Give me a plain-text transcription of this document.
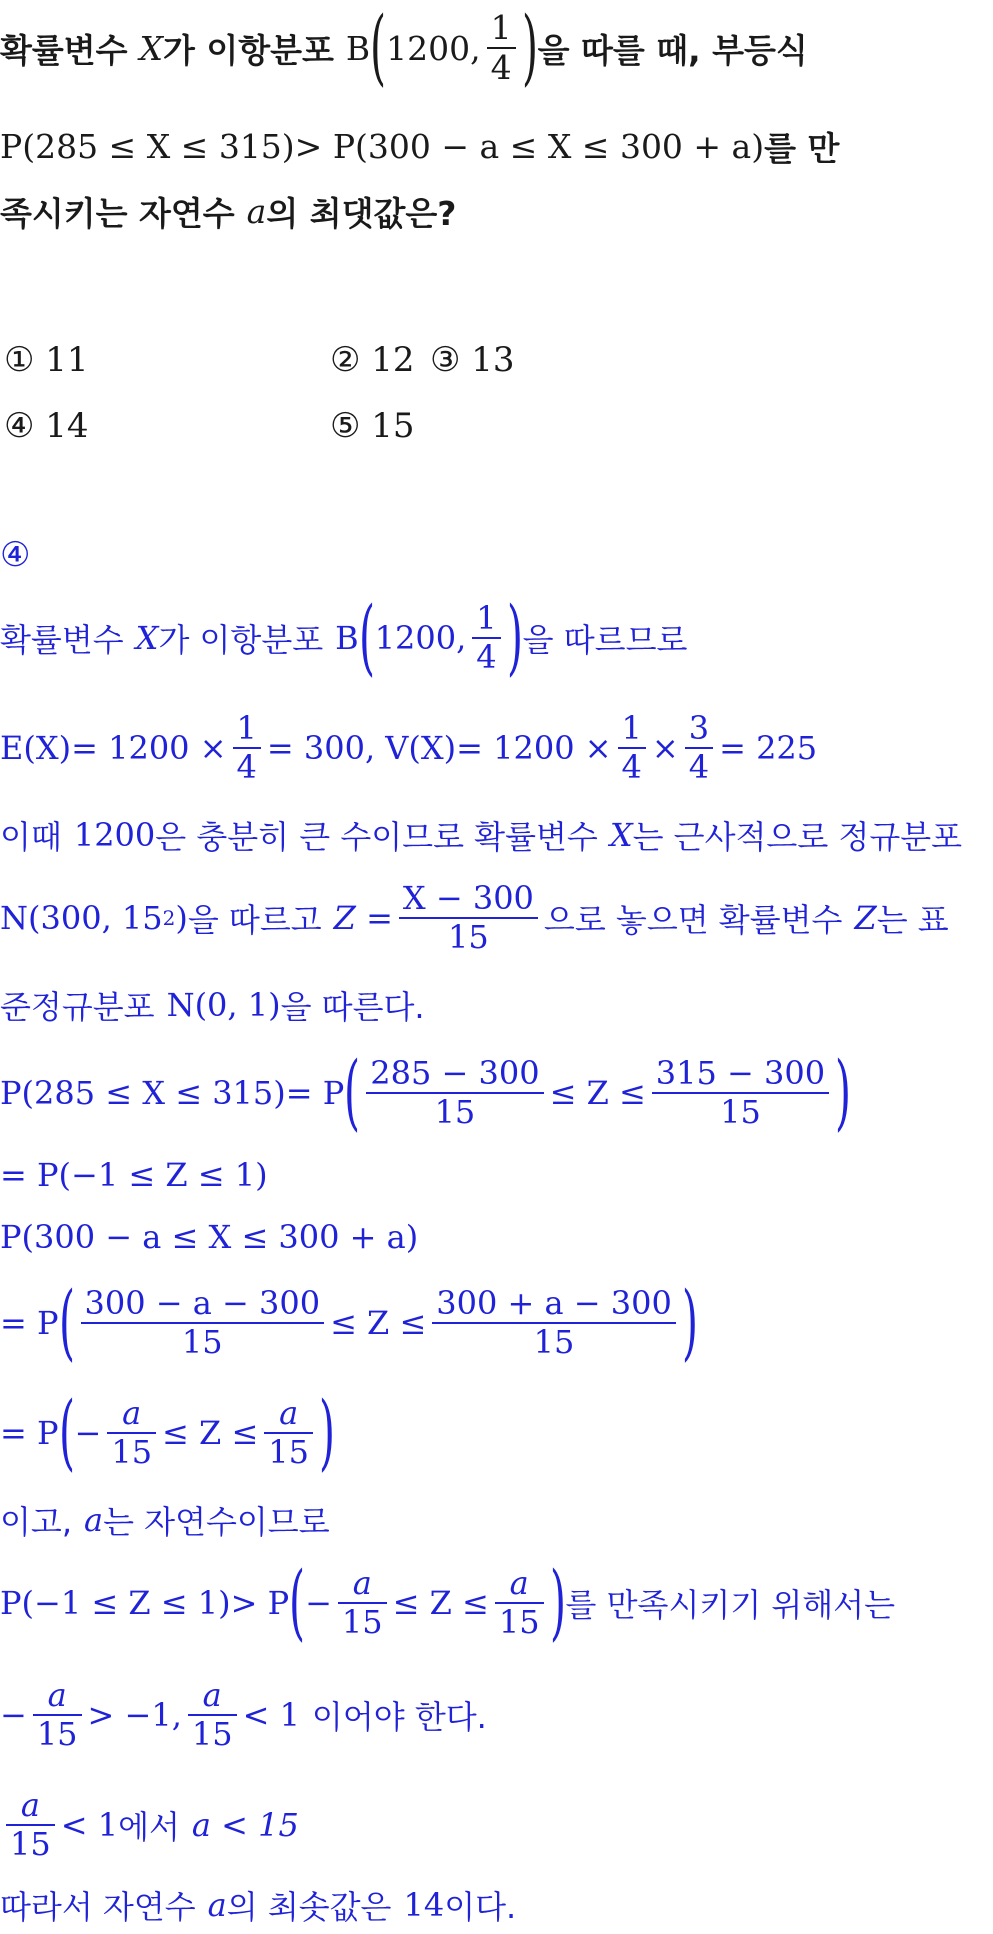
확률변수 X 가 이항분포 B ( 1200, $\frac{1}{4}$ ) 을 따를 때, 부등식
P(285 ≤ X ≤ 315)> P(300 − a ≤ X ≤ 300 + a) 를 만
족시키는 자연수 a 의 최댓값은?
① 11	② 12 ③ 13
④ 14	⑤ 15
④
확률변수 X 가 이항분포 B ( 1200, $\frac{1}{4}$ ) 을 따르므로
$E(X)= 1200 \times \frac{1}{4} = 300$, $V(X)= 1200 \times \frac{1}{4} \times \frac{3}{4} = 225$
이때 1200 은 충분히 큰 수이므로 확률변수 X 는 근사적으로 정규분포
N(300, 15 2 ) 을 따르고 $Z = \frac{X - 300}{15}$ 으로 놓으면 확률변수 Z 는 표
준정규분포 N(0, 1) 을 따른다.
P(285 ≤ X ≤ 315)= P ( $\frac{285 - 300}{15} \le Z \le \frac{315 - 300}{15}$ )
= P(−1 ≤ Z ≤ 1)
P(300 − a ≤ X ≤ 300 + a)
= P ( $\frac{300 - a - 300}{15} \le Z \le \frac{300 + a - 300}{15}$ )
= P ( − $\frac{a}{15} \le Z \le \frac{a}{15}$ )
이고, a 는 자연수이므로
P(−1 ≤ Z ≤ 1)> P ( − $\frac{a}{15} \le Z \le \frac{a}{15}$ ) 를 만족시키기 위해서는
− $\frac{a}{15} > -1$, $\frac{a}{15} < 1$ 이어야 한다.
$\frac{a}{15} < 1$ 에서 a < 15
따라서 자연수 a 의 최솟값은 14 이다.
